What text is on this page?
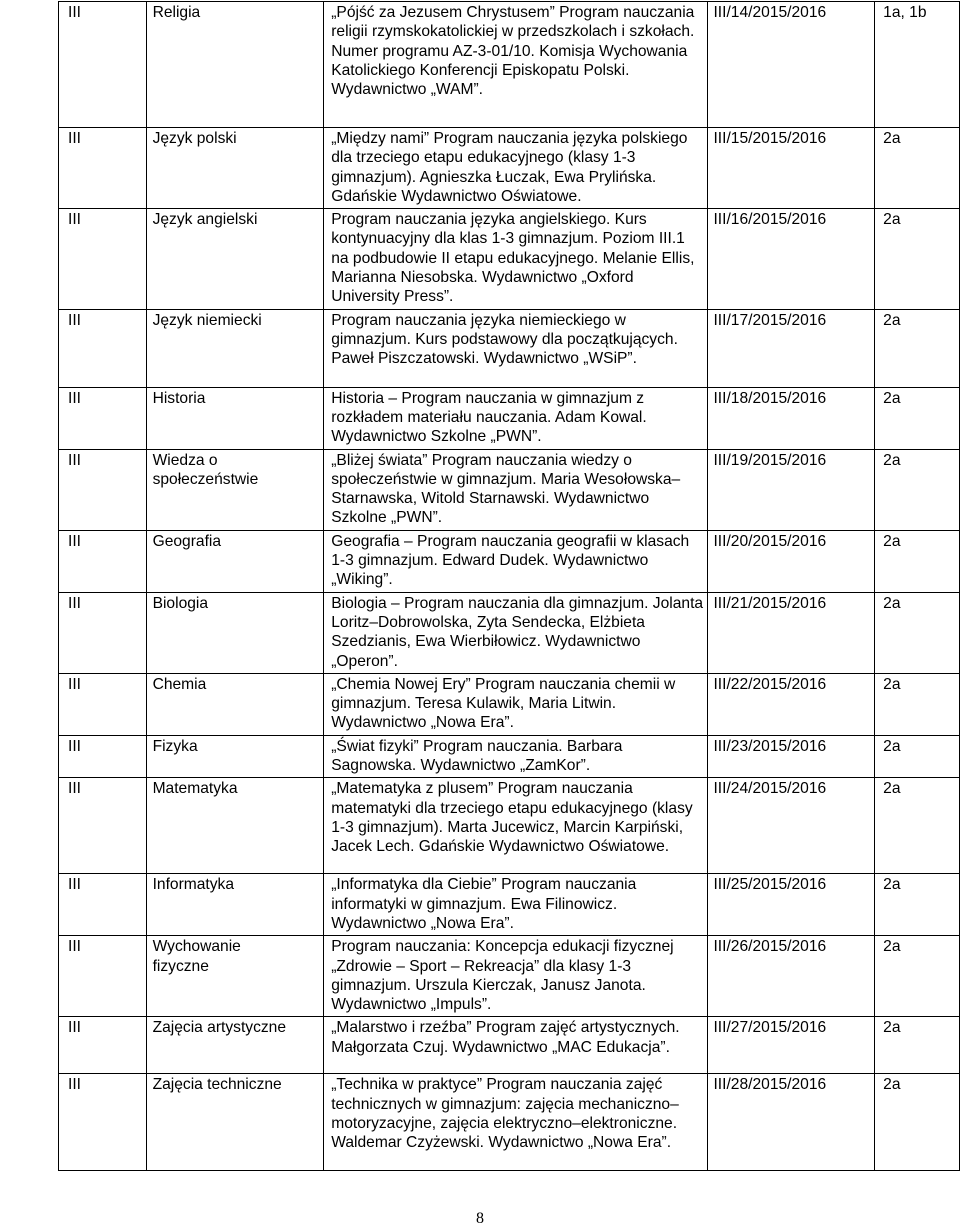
III	Religia	„Pójść za Jezusem Chrystusem” Program nauczania religii rzymskokatolickiej w przedszkolach i szkołach. Numer programu AZ-3-01/10. Komisja Wychowania Katolickiego Konferencji Episkopatu Polski. Wydawnictwo „WAM”.	III/14/2015/2016	1a, 1b
III	Język polski	„Między nami” Program nauczania języka polskiego dla trzeciego etapu edukacyjnego (klasy 1-3 gimnazjum). Agnieszka Łuczak, Ewa Prylińska. Gdańskie Wydawnictwo Oświatowe.	III/15/2015/2016	2a
III	Język angielski	Program nauczania języka angielskiego. Kurs kontynuacyjny dla klas 1-3 gimnazjum. Poziom III.1 na podbudowie II etapu edukacyjnego. Melanie Ellis, Marianna Niesobska. Wydawnictwo „Oxford University Press”.	III/16/2015/2016	2a
III	Język niemiecki	Program nauczania języka niemieckiego w gimnazjum. Kurs podstawowy dla początkujących. Paweł Piszczatowski. Wydawnictwo „WSiP”.	III/17/2015/2016	2a
III	Historia	Historia – Program nauczania w gimnazjum z rozkładem materiału nauczania. Adam Kowal. Wydawnictwo Szkolne „PWN”.	III/18/2015/2016	2a
III	Wiedza o społeczeństwie	„Bliżej świata” Program nauczania wiedzy o społeczeństwie w gimnazjum. Maria Wesołowska–Starnawska, Witold Starnawski. Wydawnictwo Szkolne „PWN”.	III/19/2015/2016	2a
III	Geografia	Geografia – Program nauczania geografii w klasach 1-3 gimnazjum. Edward Dudek. Wydawnictwo „Wiking”.	III/20/2015/2016	2a
III	Biologia	Biologia – Program nauczania dla gimnazjum. Jolanta Loritz–Dobrowolska, Zyta Sendecka, Elżbieta Szedzianis, Ewa Wierbiłowicz. Wydawnictwo „Operon”.	III/21/2015/2016	2a
III	Chemia	„Chemia Nowej Ery” Program nauczania chemii w gimnazjum. Teresa Kulawik, Maria Litwin. Wydawnictwo „Nowa Era”.	III/22/2015/2016	2a
III	Fizyka	„Świat fizyki” Program nauczania. Barbara Sagnowska. Wydawnictwo „ZamKor”.	III/23/2015/2016	2a
III	Matematyka	„Matematyka z plusem” Program nauczania matematyki dla trzeciego etapu edukacyjnego (klasy 1-3 gimnazjum). Marta Jucewicz, Marcin Karpiński, Jacek Lech. Gdańskie Wydawnictwo Oświatowe.	III/24/2015/2016	2a
III	Informatyka	„Informatyka dla Ciebie” Program nauczania informatyki w gimnazjum. Ewa Filinowicz. Wydawnictwo „Nowa Era”.	III/25/2015/2016	2a
III	Wychowanie fizyczne	Program nauczania: Koncepcja edukacji fizycznej „Zdrowie – Sport – Rekreacja” dla klasy 1-3 gimnazjum. Urszula Kierczak, Janusz Janota. Wydawnictwo „Impuls”.	III/26/2015/2016	2a
III	Zajęcia artystyczne	„Malarstwo i rzeźba” Program zajęć artystycznych. Małgorzata Czuj. Wydawnictwo „MAC Edukacja”.	III/27/2015/2016	2a
III	Zajęcia techniczne	„Technika w praktyce” Program nauczania zajęć technicznych w gimnazjum: zajęcia mechaniczno–motoryzacyjne, zajęcia elektryczno–elektroniczne. Waldemar Czyżewski. Wydawnictwo „Nowa Era”.	III/28/2015/2016	2a
8
